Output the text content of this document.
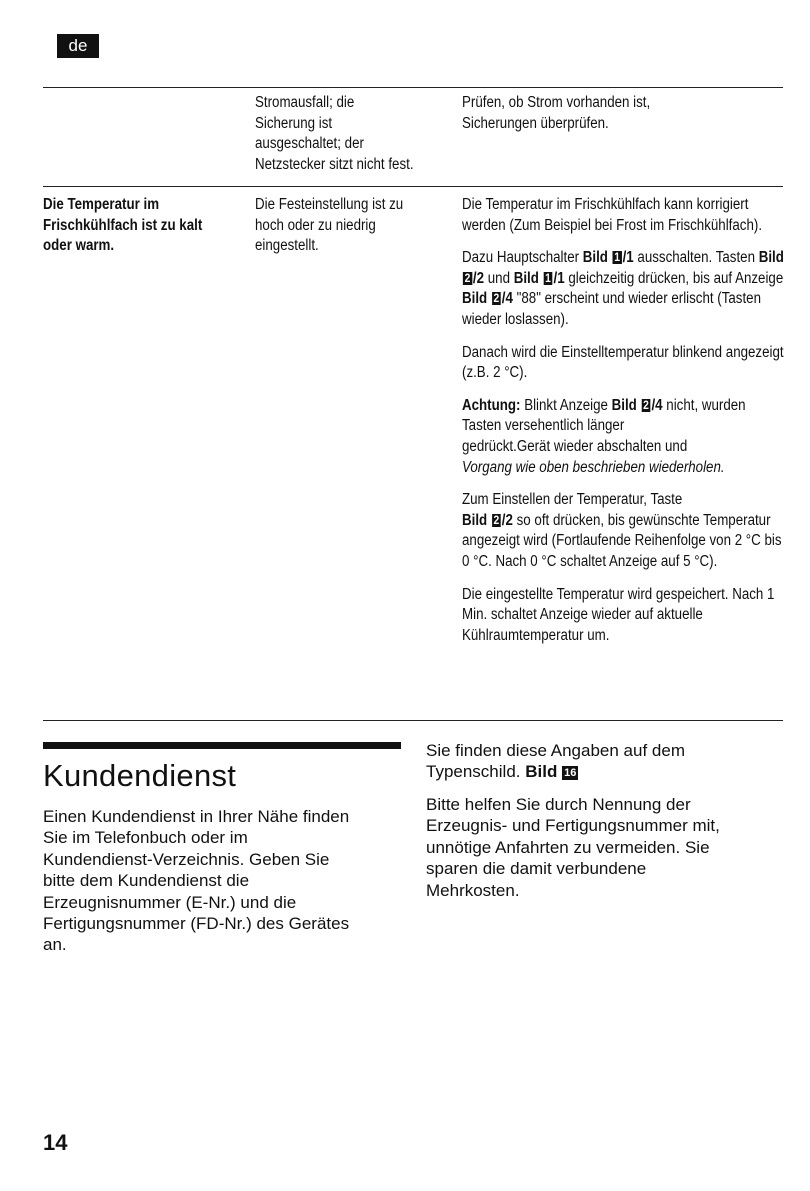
de
Stromausfall; die
Sicherung ist
ausgeschaltet; der
Netzstecker sitzt nicht fest.
Prüfen, ob Strom vorhanden ist,
Sicherungen überprüfen.
Die Temperatur im
Frischkühlfach ist zu kalt
oder warm.
Die Festeinstellung ist zu
hoch oder zu niedrig
eingestellt.
Die Temperatur im Frischkühlfach kann korrigiert werden (Zum Beispiel bei Frost im Frischkühlfach).
Dazu Hauptschalter Bild 1 /1 ausschalten. Tasten Bild 2 /2 und Bild 1 /1 gleichzeitig drücken, bis auf Anzeige Bild 2 /4 "88" erscheint und wieder erlischt (Tasten wieder loslassen).
Danach wird die Einstelltemperatur blinkend angezeigt (z.B. 2 °C).
Achtung: Blinkt Anzeige Bild 2 /4 nicht, wurden Tasten versehentlich länger
gedrückt.Gerät wieder abschalten und
Vorgang wie oben beschrieben wiederholen.
Zum Einstellen der Temperatur, Taste
Bild 2 /2 so oft drücken, bis gewünschte Temperatur angezeigt wird (Fortlaufende Reihenfolge von 2 °C bis 0 °C. Nach 0 °C schaltet Anzeige auf 5 °C).
Die eingestellte Temperatur wird gespeichert. Nach 1 Min. schaltet Anzeige wieder auf aktuelle Kühlraumtemperatur um.
Kundendienst
Einen Kundendienst in Ihrer Nähe finden
Sie im Telefonbuch oder im
Kundendienst-Verzeichnis. Geben Sie
bitte dem Kundendienst die
Erzeugnisnummer (E-Nr.) und die
Fertigungsnummer (FD-Nr.) des Gerätes
an.
Sie finden diese Angaben auf dem
Typenschild. Bild 16
Bitte helfen Sie durch Nennung der
Erzeugnis- und Fertigungsnummer mit,
unnötige Anfahrten zu vermeiden. Sie
sparen die damit verbundene
Mehrkosten.
14
